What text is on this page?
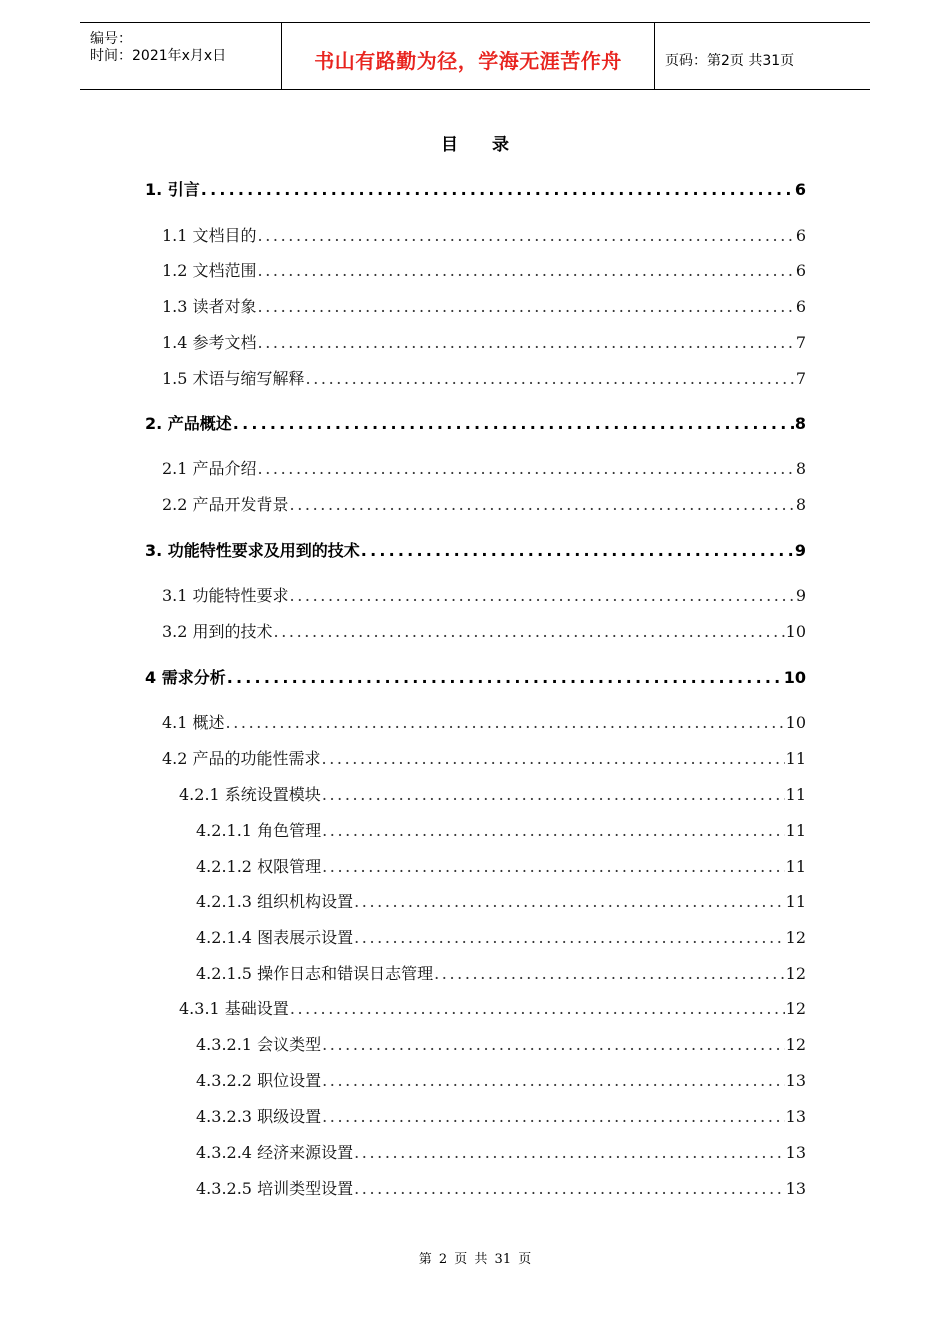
编号：
时间：2021年x月x日	书山有路勤为径，学海无涯苦作舟	页码：第2页 共31页
目 录
1. 引言 .....	6
1.1 文档目的 .....	6
1.2 文档范围 .....	6
1.3 读者对象 .....	6
1.4 参考文档 .....	7
1.5 术语与缩写解释 .....	7
2. 产品概述 .....	8
2.1 产品介绍 .....	8
2.2 产品开发背景 .....	8
3. 功能特性要求及用到的技术 .....	9
3.1 功能特性要求 .....	9
3.2 用到的技术 .....	10
4 需求分析 .....	10
4.1 概述 .....	10
4.2 产品的功能性需求 .....	11
4.2.1 系统设置模块 .....	11
4.2.1.1 角色管理 .....	11
4.2.1.2 权限管理 .....	11
4.2.1.3 组织机构设置 .....	11
4.2.1.4 图表展示设置 .....	12
4.2.1.5 操作日志和错误日志管理 .....	12
4.3.1 基础设置 .....	12
4.3.2.1 会议类型 .....	12
4.3.2.2 职位设置 .....	13
4.3.2.3 职级设置 .....	13
4.3.2.4 经济来源设置 .....	13
4.3.2.5 培训类型设置 .....	13
第 2 页 共 31 页
